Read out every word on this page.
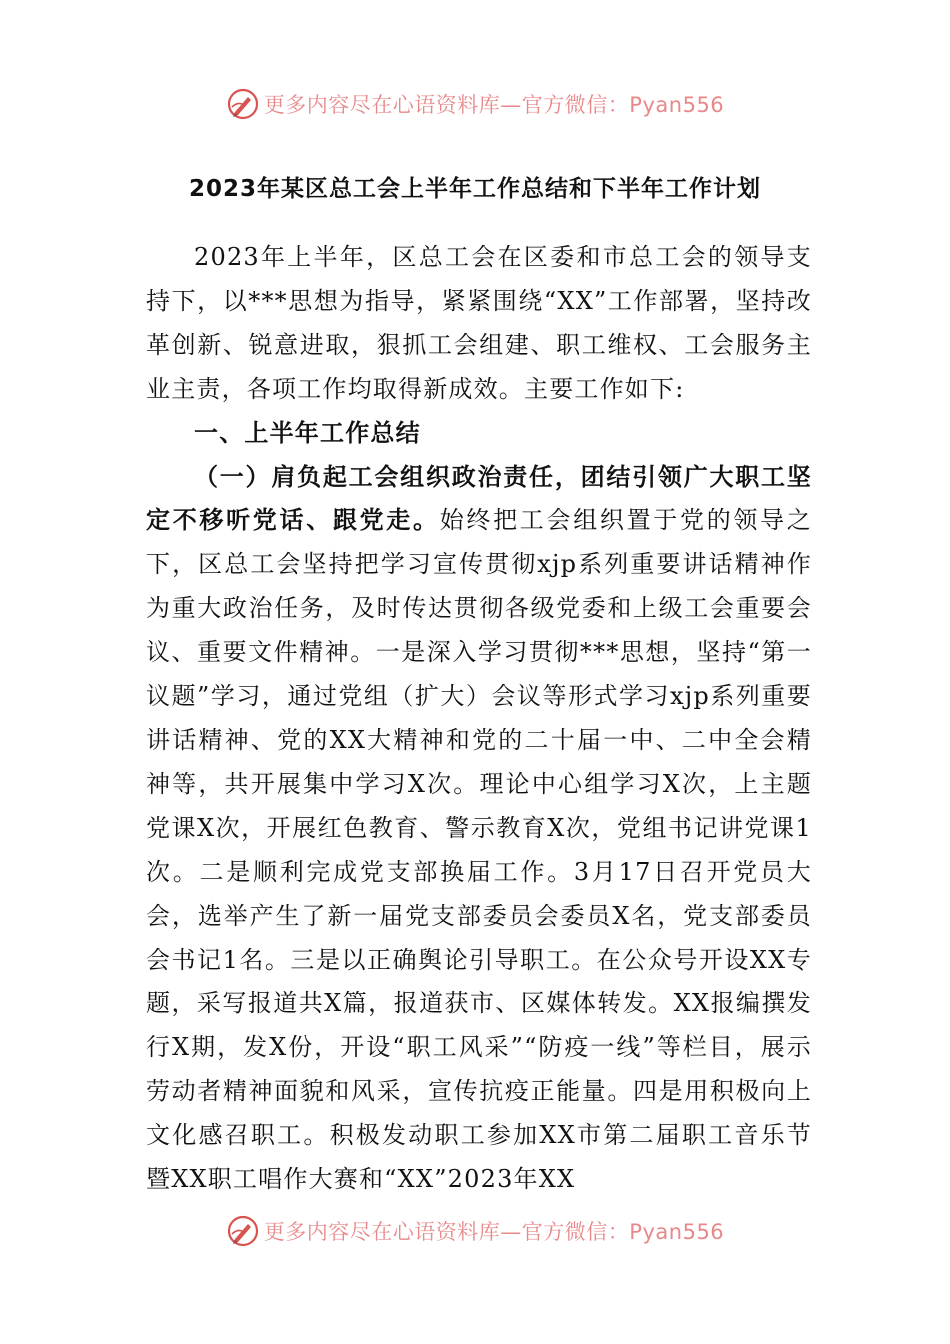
更多内容尽在心语资料库—官方微信：Pyan556
2023年某区总工会上半年工作总结和下半年工作计划

2023年上半年，区总工会在区委和市总工会的领导支持下，以***思想为指导，紧紧围绕“XX”工作部署，坚持改革创新、锐意进取，狠抓工会组建、职工维权、工会服务主业主责，各项工作均取得新成效。主要工作如下:

一、上半年工作总结

（一）肩负起工会组织政治责任，团结引领广大职工坚定不移听党话、跟党走。始终把工会组织置于党的领导之下，区总工会坚持把学习宣传贯彻xjp系列重要讲话精神作为重大政治任务，及时传达贯彻各级党委和上级工会重要会议、重要文件精神。一是深入学习贯彻***思想，坚持“第一议题”学习，通过党组（扩大）会议等形式学习xjp系列重要讲话精神、党的XX大精神和党的二十届一中、二中全会精神等，共开展集中学习X次。理论中心组学习X次，上主题党课X次，开展红色教育、警示教育X次，党组书记讲党课1次。二是顺利完成党支部换届工作。3月17日召开党员大会，选举产生了新一届党支部委员会委员X名，党支部委员会书记1名。三是以正确舆论引导职工。在公众号开设XX专题，采写报道共X篇，报道获市、区媒体转发。XX报编撰发行X期，发X份，开设“职工风采”“防疫一线”等栏目，展示劳动者精神面貌和风采，宣传抗疫正能量。四是用积极向上文化感召职工。积极发动职工参加XX市第二届职工音乐节暨XX职工唱作大赛和“XX”2023年XX

更多内容尽在心语资料库—官方微信：Pyan556
